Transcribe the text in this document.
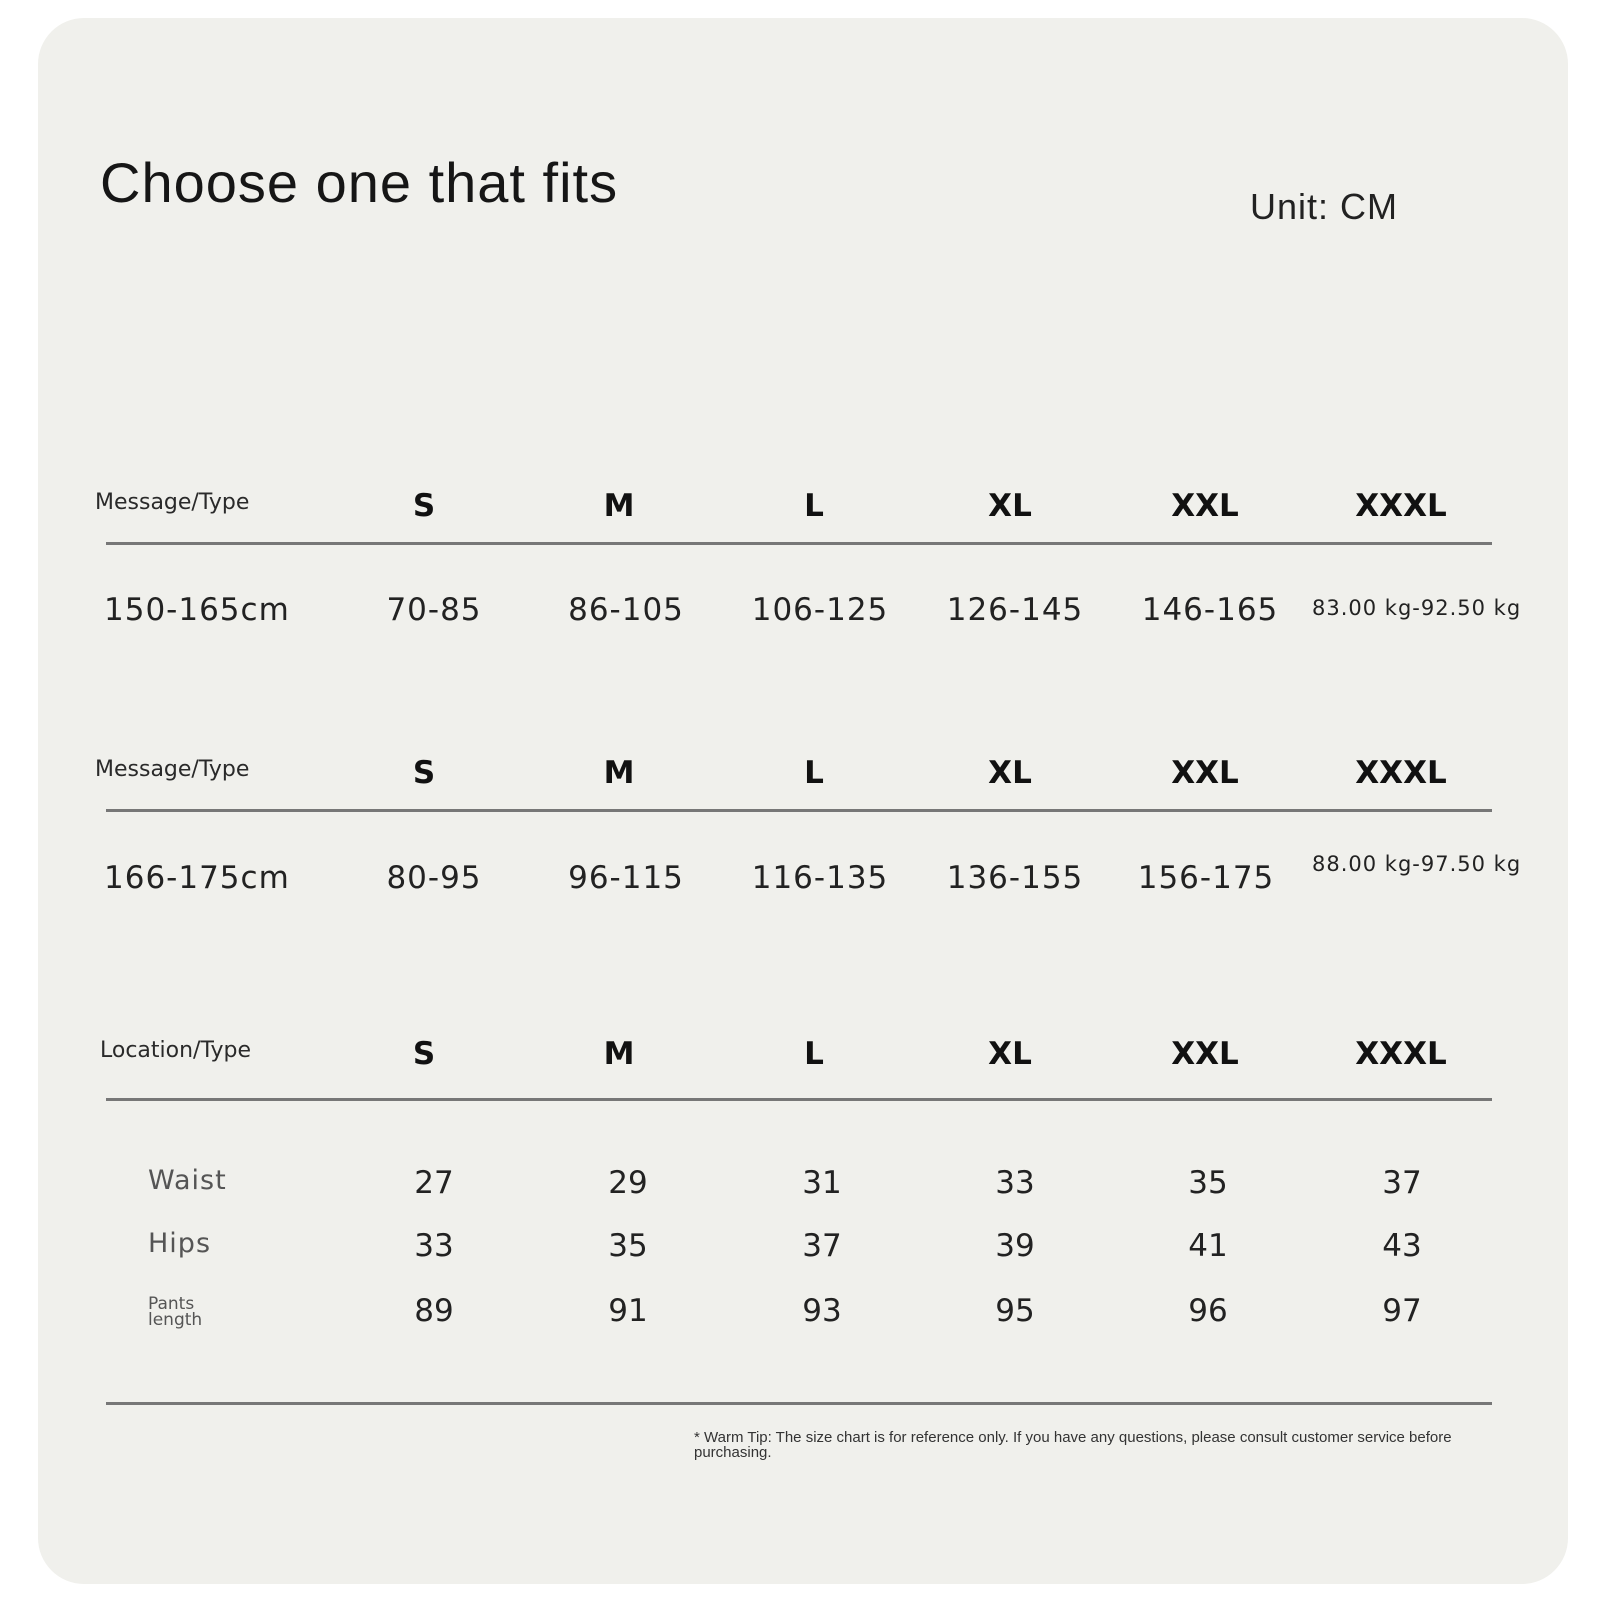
Choose one that fits	Unit: CM
Message/Type	S	M	L	XL	XXL	XXXL
150-165cm	70-85	86-105	106-125	126-145	146-165	83.00 kg-92.50 kg
Message/Type	S	M	L	XL	XXL	XXXL
166-175cm	80-95	96-115	116-135	136-155	156-175	88.00 kg-97.50 kg
Location/Type	S	M	L	XL	XXL	XXXL
Waist	27	29	31	33	35	37
Hips	33	35	37	39	41	43
Pants length	89	91	93	95	96	97
* Warm Tip: The size chart is for reference only. If you have any questions, please consult customer service before purchasing.
